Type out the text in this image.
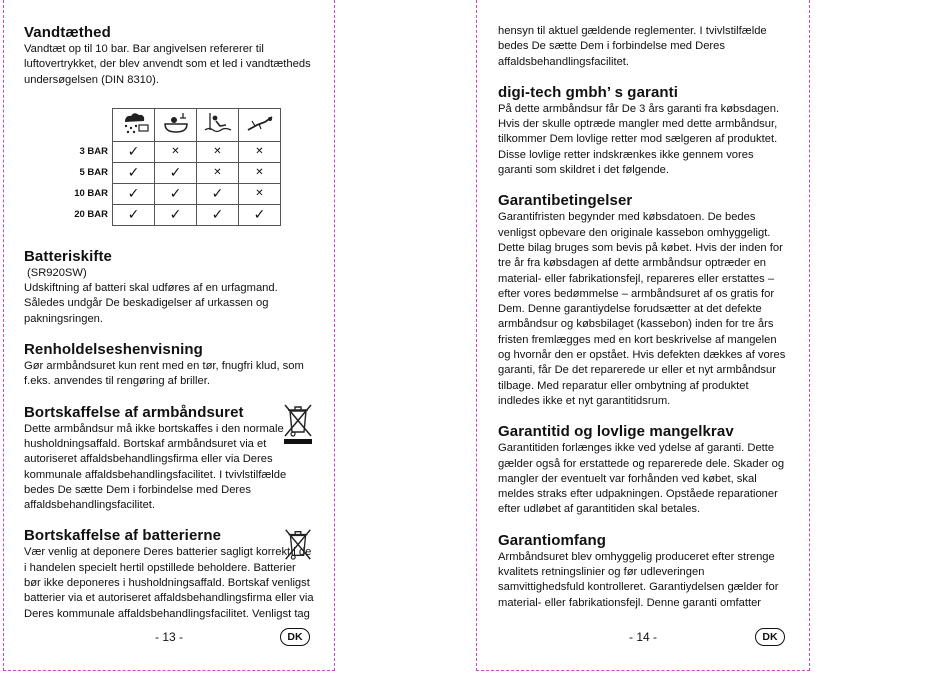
Vandtæthed

Vandtæt op til 10 bar. Bar angivelsen refererer til luftovertrykket, der blev anvendt som et led i vandtætheds undersøgelsen (DIN 8310).

3 BAR	✓	✕	✕	✕
5 BAR	✓	✓	✕	✕
10 BAR	✓	✓	✓	✕
20 BAR	✓	✓	✓	✓
Batteriskifte

(SR920SW)

Udskiftning af batteri skal udføres af en urfagmand. Således undgår De beskadigelser af urkassen og pakningsringen.

Renholdelseshenvisning

Gør armbåndsuret kun rent med en tør, fnugfri klud, som f.eks. anvendes til rengøring af briller.

Bortskaffelse af armbåndsuret

Dette armbåndsur må ikke bortskaffes i den normale husholdningsaffald. Bortskaf armbåndsuret via et autoriseret affaldsbehandlingsfirma eller via Deres kommunale affaldsbehandlingsfacilitet. I tvivlstilfælde bedes De sætte Dem i forbindelse med Deres affaldsbehandlingsfacilitet.

Bortskaffelse af batterierne

Vær venlig at deponere Deres batterier sagligt korrekt i de i handelen specielt hertil opstillede beholdere. Batterier bør ikke deponeres i husholdningsaffald. Bortskaf venligst batterier via et autoriseret affaldsbehandlingsfirma eller via Deres kommunale affaldsbehandlingsfacilitet. Venligst tag

- 13 -	DK

hensyn til aktuel gældende reglementer. I tvivlstilfælde bedes De sætte Dem i forbindelse med Deres affaldsbehandlingsfacilitet.

digi-tech gmbh’ s garanti

På dette armbåndsur får De 3 års garanti fra købsdagen. Hvis der skulle optræde mangler med dette armbåndsur, tilkommer Dem lovlige retter mod sælgeren af produktet. Disse lovlige retter indskrænkes ikke gennem vores garanti som skildret i det følgende.

Garantibetingelser

Garantifristen begynder med købsdatoen. De bedes venligst opbevare den originale kassebon omhyggeligt. Dette bilag bruges som bevis på købet. Hvis der inden for tre år fra købsdagen af dette armbåndsur optræder en material- eller fabrikationsfejl, repareres eller erstattes – efter vores bedømmelse – armbåndsuret af os gratis for Dem. Denne garantiydelse forudsætter at det defekte armbåndsur og købsbilaget (kassebon) inden for tre års fristen fremlægges med en kort beskrivelse af mangelen og hvornår den er opstået. Hvis defekten dækkes af vores garanti, får De det reparerede ur eller et nyt armbåndsur tilbage. Med reparatur eller ombytning af produktet indledes ikke et nyt garantitidsrum.

Garantitid og lovlige mangelkrav

Garantitiden forlænges ikke ved ydelse af garanti. Dette gælder også for erstattede og reparerede dele. Skader og mangler der eventuelt var forhånden ved købet, skal meldes straks efter udpakningen. Opståede reparationer efter udløbet af garantitiden skal betales.

Garantiomfang

Armbåndsuret blev omhyggelig produceret efter strenge kvalitets retningslinier og før udleveringen samvittighedsfuld kontrolleret. Garantiydelsen gælder for material- eller fabrikationsfejl. Denne garanti omfatter

- 14 -	DK
